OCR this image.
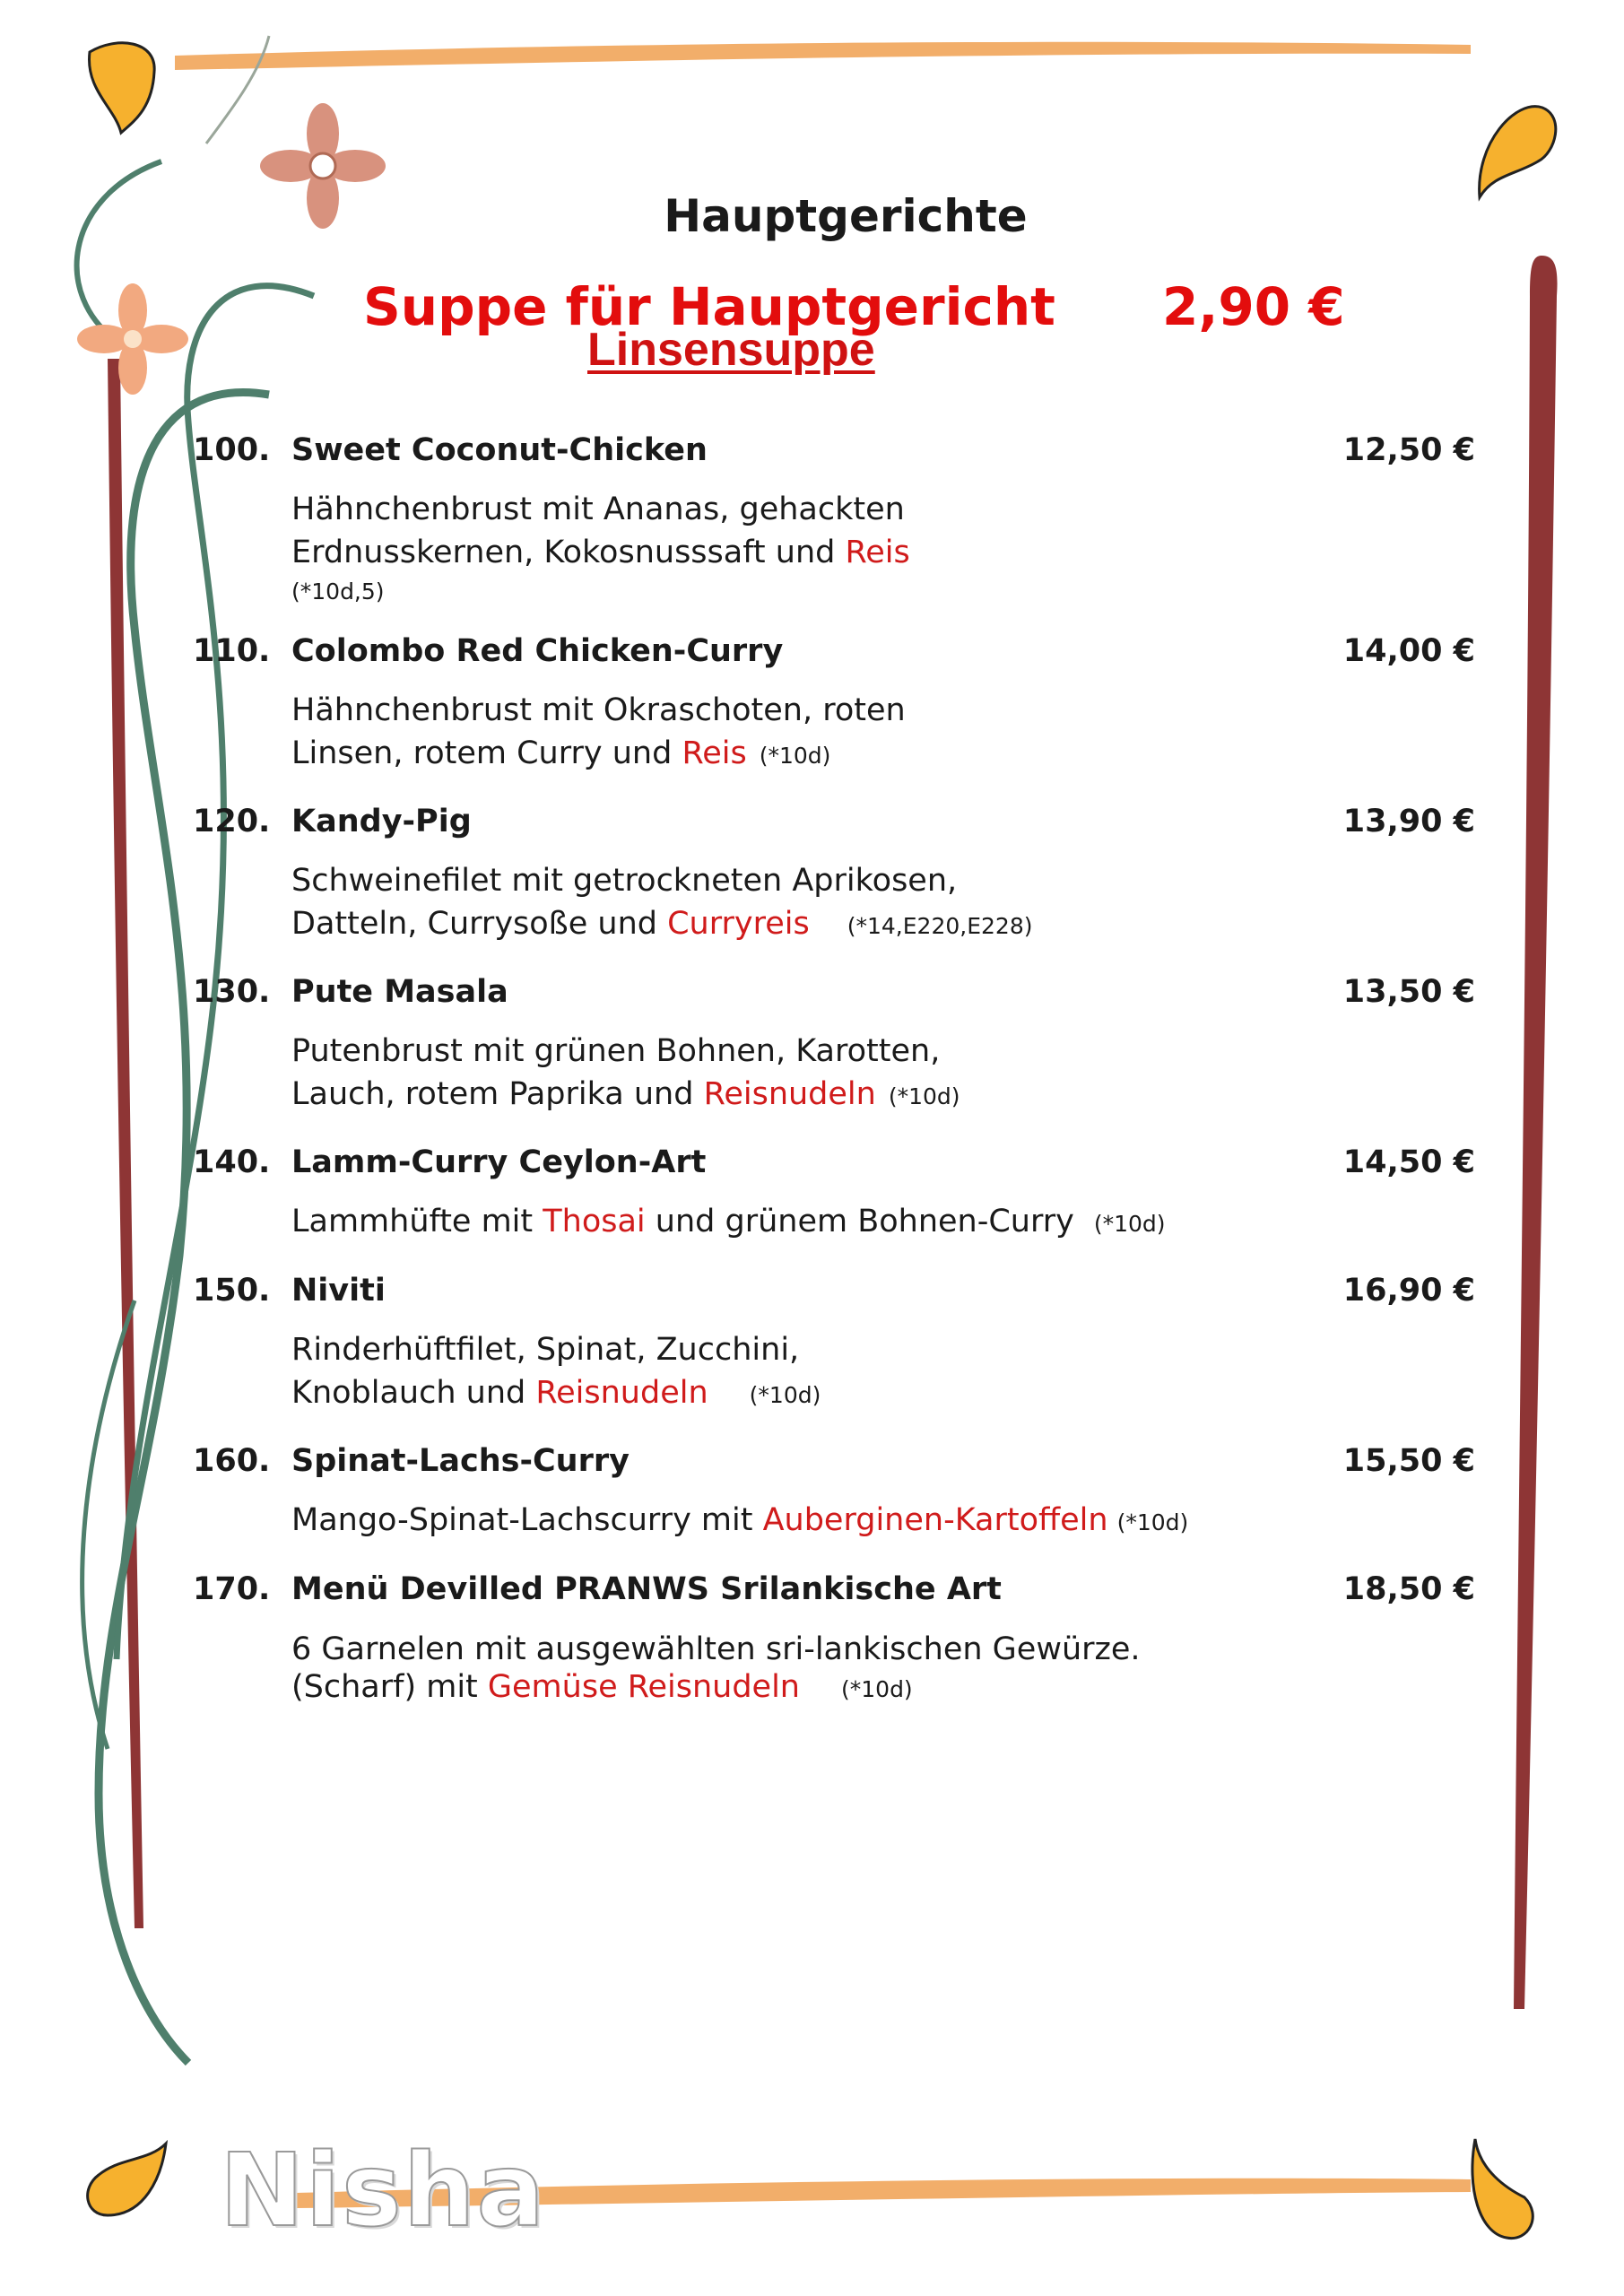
Hauptgerichte
Suppe für Hauptgericht 2,90 €
Linsensuppe
100. Sweet Coconut-Chicken	12,50 €
Hähnchenbrust mit Ananas, gehackten
Erdnusskernen, Kokosnusssaft und Reis
(*10d,5)
110. Colombo Red Chicken-Curry	14,00 €
Hähnchenbrust mit Okraschoten, roten
Linsen, rotem Curry und Reis (*10d)
120. Kandy-Pig	13,90 €
Schweinefilet mit getrockneten Aprikosen,
Datteln, Currysoße und Curryreis (*14,E220,E228)
130. Pute Masala	13,50 €
Putenbrust mit grünen Bohnen, Karotten,
Lauch, rotem Paprika und Reisnudeln (*10d)
140. Lamm-Curry Ceylon-Art	14,50 €
Lammhüfte mit Thosai und grünem Bohnen-Curry (*10d)
150. Niviti	16,90 €
Rinderhüftfilet, Spinat, Zucchini,
Knoblauch und Reisnudeln (*10d)
160. Spinat-Lachs-Curry	15,50 €
Mango-Spinat-Lachscurry mit Auberginen-Kartoffeln (*10d)
170. Menü Devilled PRANWS Srilankische Art	18,50 €
6 Garnelen mit ausgewählten sri-lankischen Gewürze.
(Scharf) mit Gemüse Reisnudeln (*10d)
Nisha
